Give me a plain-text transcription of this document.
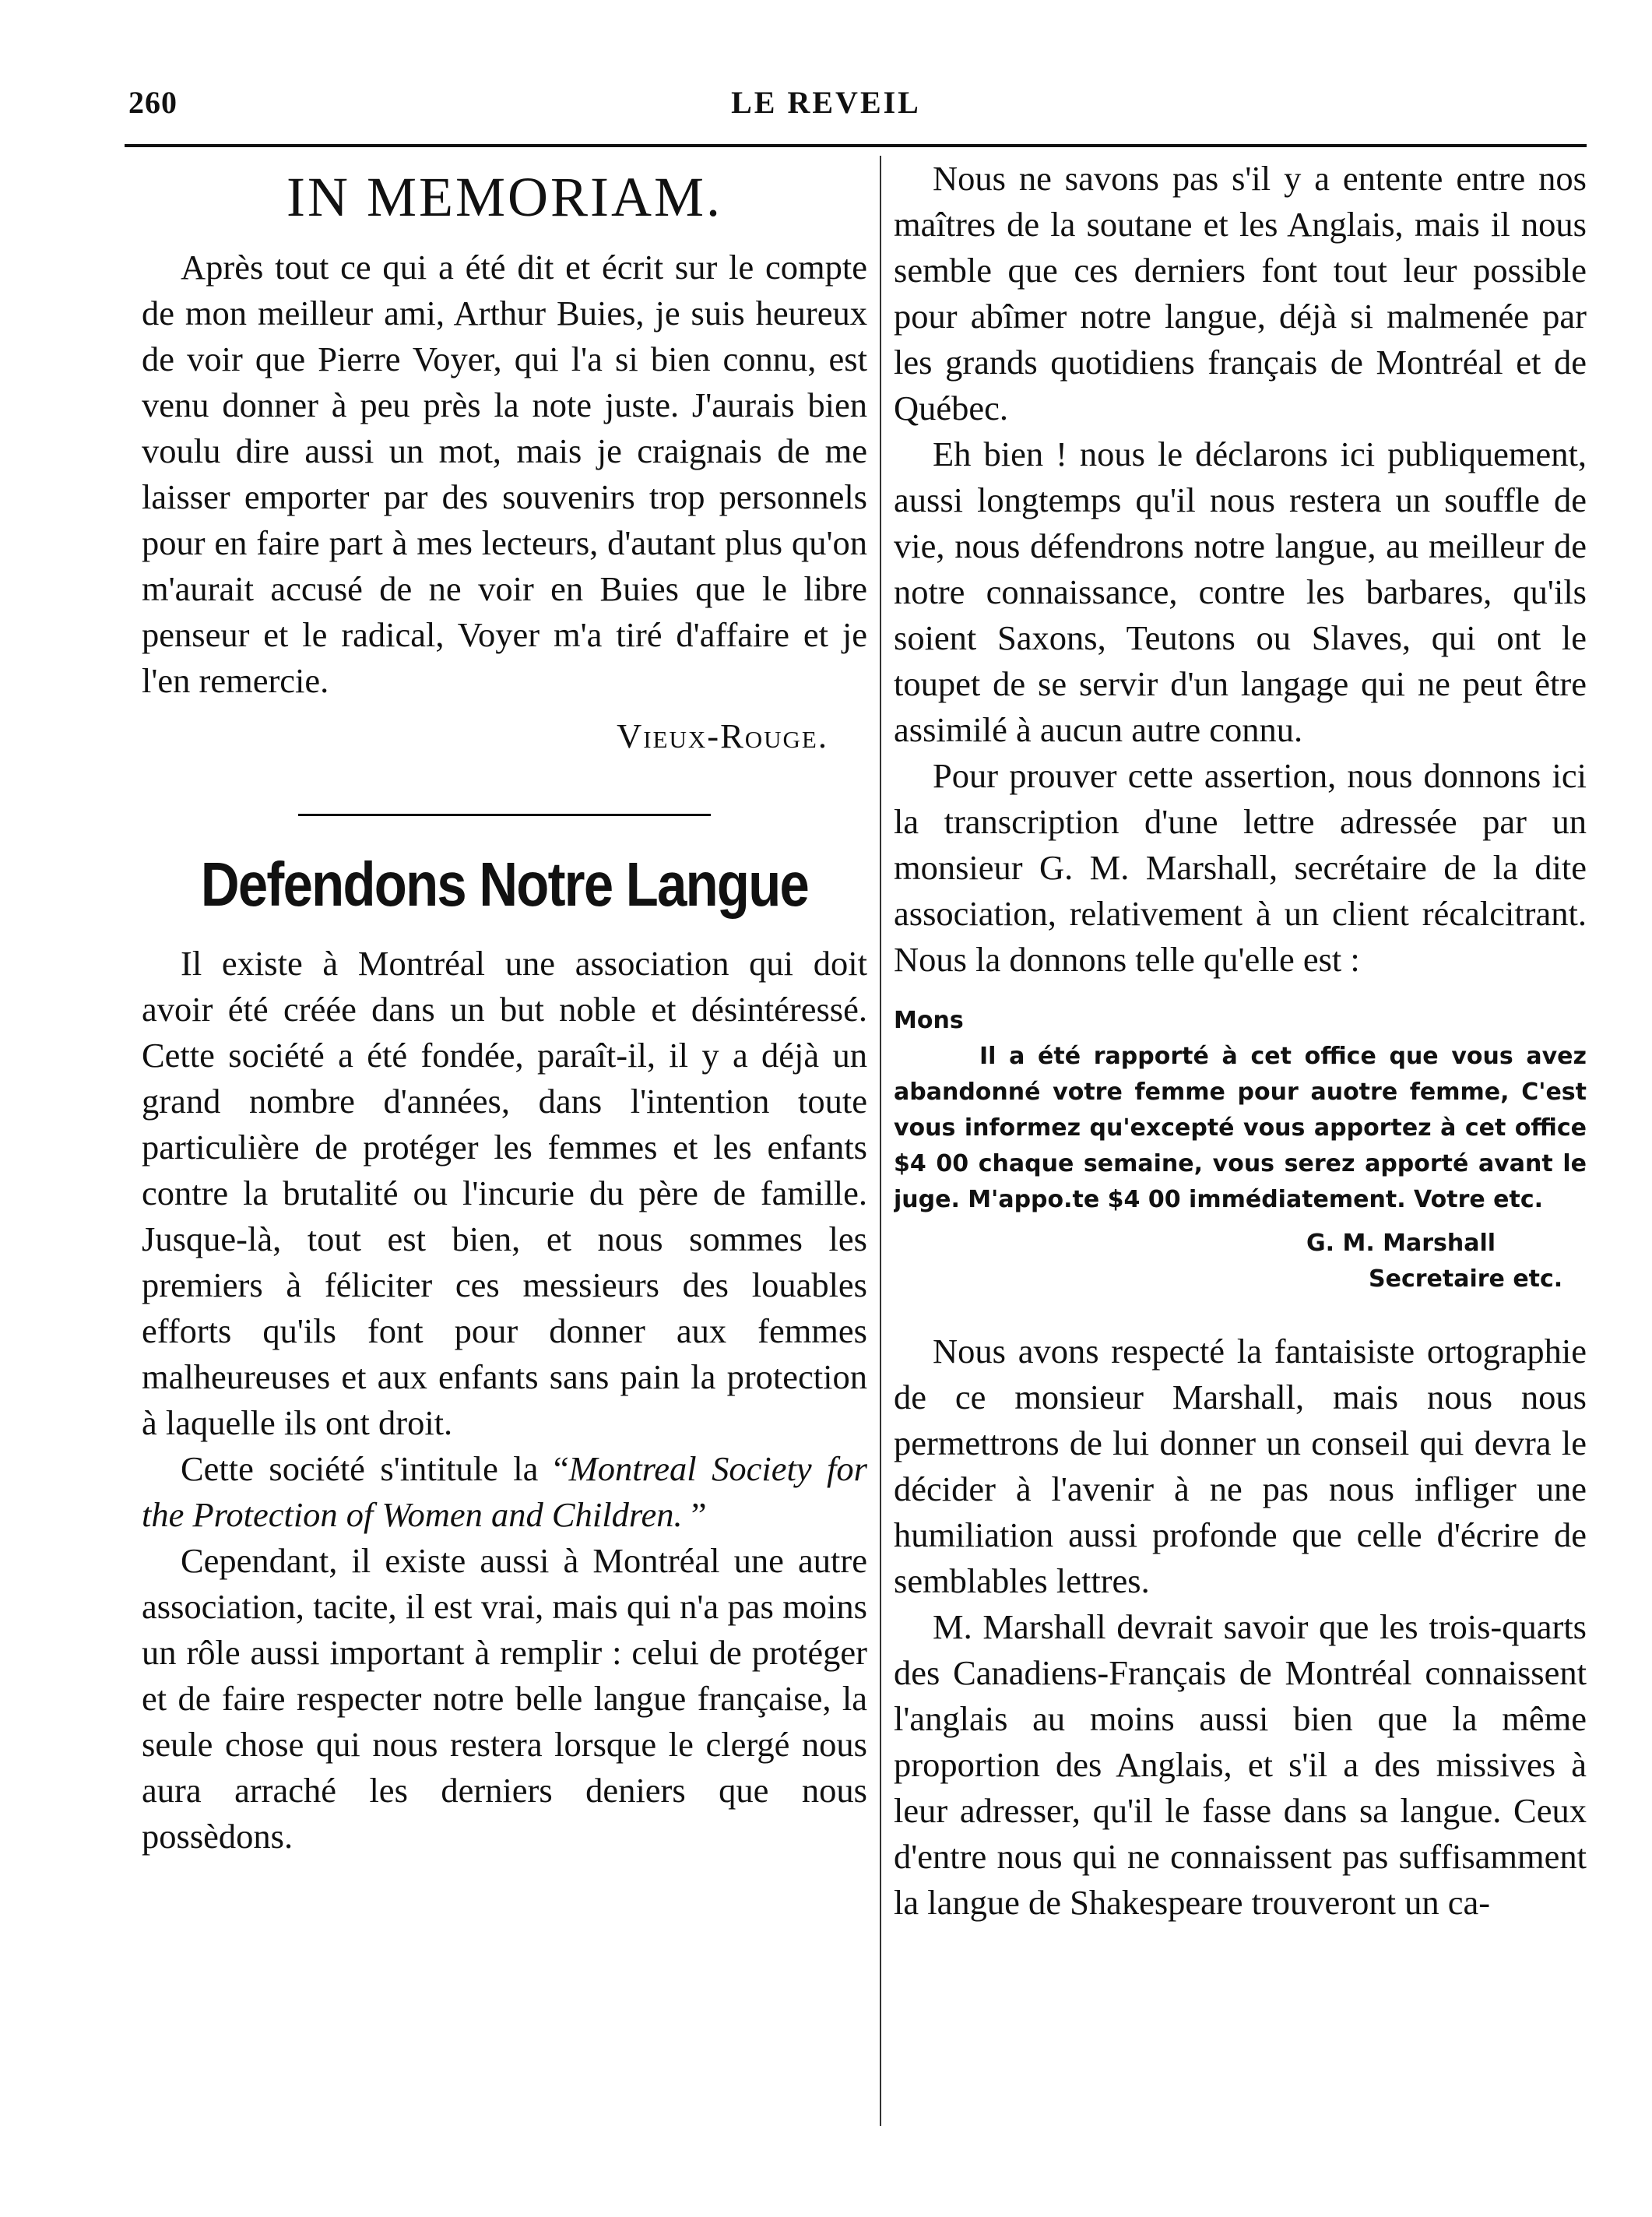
260	LE REVEIL
IN MEMORIAM.

Après tout ce qui a été dit et écrit sur le compte de mon meilleur ami, Arthur Buies, je suis heureux de voir que Pierre Voyer, qui l'a si bien connu, est venu donner à peu près la note juste. J'aurais bien voulu dire aussi un mot, mais je craignais de me laisser emporter par des souvenirs trop personnels pour en faire part à mes lecteurs, d'autant plus qu'on m'aurait accusé de ne voir en Buies que le libre penseur et le radical, Voyer m'a tiré d'affaire et je l'en remercie.

Vieux-Rouge.
Defendons Notre Langue

Il existe à Montréal une association qui doit avoir été créée dans un but noble et désintéressé. Cette société a été fondée, paraît-il, il y a déjà un grand nombre d'années, dans l'intention toute particulière de protéger les femmes et les enfants contre la brutalité ou l'incurie du père de famille. Jusque-là, tout est bien, et nous sommes les premiers à féliciter ces messieurs des louables efforts qu'ils font pour donner aux femmes malheureuses et aux enfants sans pain la protection à laquelle ils ont droit.

Cette société s'intitule la “Montreal Society for the Protection of Women and Children. ”

Cependant, il existe aussi à Montréal une autre association, tacite, il est vrai, mais qui n'a pas moins un rôle aussi important à remplir : celui de protéger et de faire respecter notre belle langue française, la seule chose qui nous restera lorsque le clergé nous aura arraché les derniers deniers que nous possèdons.

Nous ne savons pas s'il y a entente entre nos maîtres de la soutane et les Anglais, mais il nous semble que ces derniers font tout leur possible pour abîmer notre langue, déjà si malmenée par les grands quotidiens français de Montréal et de Québec.

Eh bien ! nous le déclarons ici publiquement, aussi longtemps qu'il nous restera un souffle de vie, nous défendrons notre langue, au meilleur de notre connaissance, contre les barbares, qu'ils soient Saxons, Teutons ou Slaves, qui ont le toupet de se servir d'un langage qui ne peut être assimilé à aucun autre connu.

Pour prouver cette assertion, nous donnons ici la transcription d'une lettre adressée par un monsieur G. M. Marshall, secrétaire de la dite association, relativement à un client récalcitrant. Nous la donnons telle qu'elle est :

Mons
Il a été rapporté à cet office que vous avez abandonné votre femme pour auotre femme, C'est vous informez qu'excepté vous apportez à cet office $4 00 chaque semaine, vous serez apporté avant le juge. M'appo.te $4 00 immédiatement. Votre etc.
G. M. Marshall
Secretaire etc.

Nous avons respecté la fantaisiste ortographie de ce monsieur Marshall, mais nous nous permettrons de lui donner un conseil qui devra le décider à l'avenir à ne pas nous infliger une humiliation aussi profonde que celle d'écrire de semblables lettres.

M. Marshall devrait savoir que les trois-quarts des Canadiens-Français de Montréal connaissent l'anglais au moins aussi bien que la même proportion des Anglais, et s'il a des missives à leur adresser, qu'il le fasse dans sa langue. Ceux d'entre nous qui ne connaissent pas suffisamment la langue de Shakespeare trouveront un ca-
